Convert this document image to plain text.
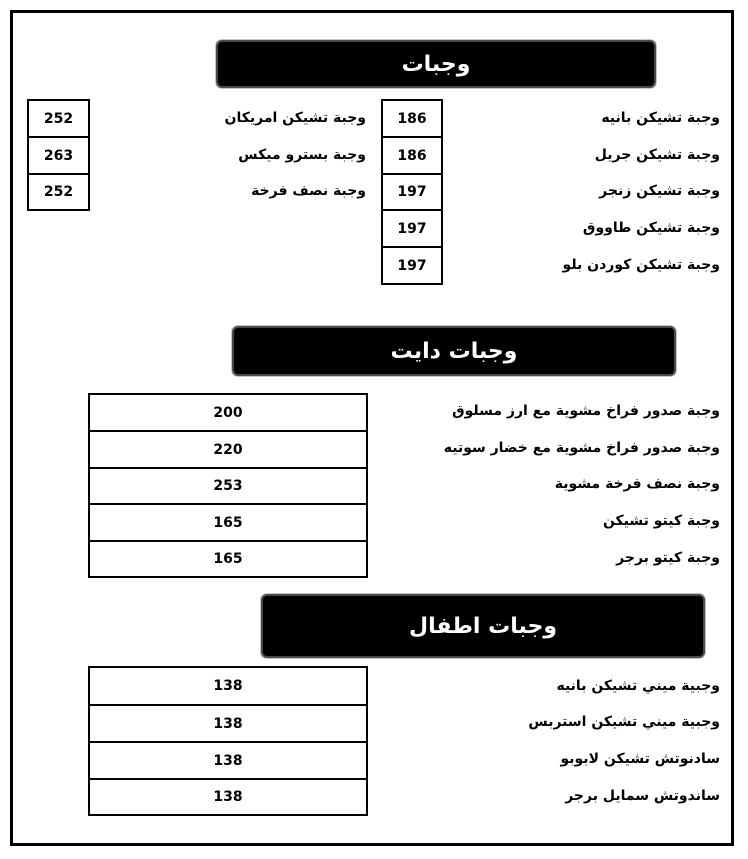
وجبات
وجبة تشيكن بانيه
وجبة تشيكن جريل
وجبة تشيكن زنجر
وجبة تشيكن طاووق
وجبة تشيكن كوردن بلو
186
186
197
197
197
وجبة تشيكن امريكان
وجبة بسترو ميكس
وجبة نصف فرخة
252
263
252
وجبات دايت
وجبة صدور فراخ مشوية مع ارز مسلوق
وجبة صدور فراخ مشوية مع خضار سوتيه
وجبة نصف فرخة مشوية
وجبة كيتو تشيكن
وجبة كيتو برجر
200
220
253
165
165
وجبات اطفال
وجبية ميني تشيكن بانيه
وجبية ميني تشيكن استربس
سادنوتش تشيكن لابوبو
ساندوتش سمايل برجر
138
138
138
138
